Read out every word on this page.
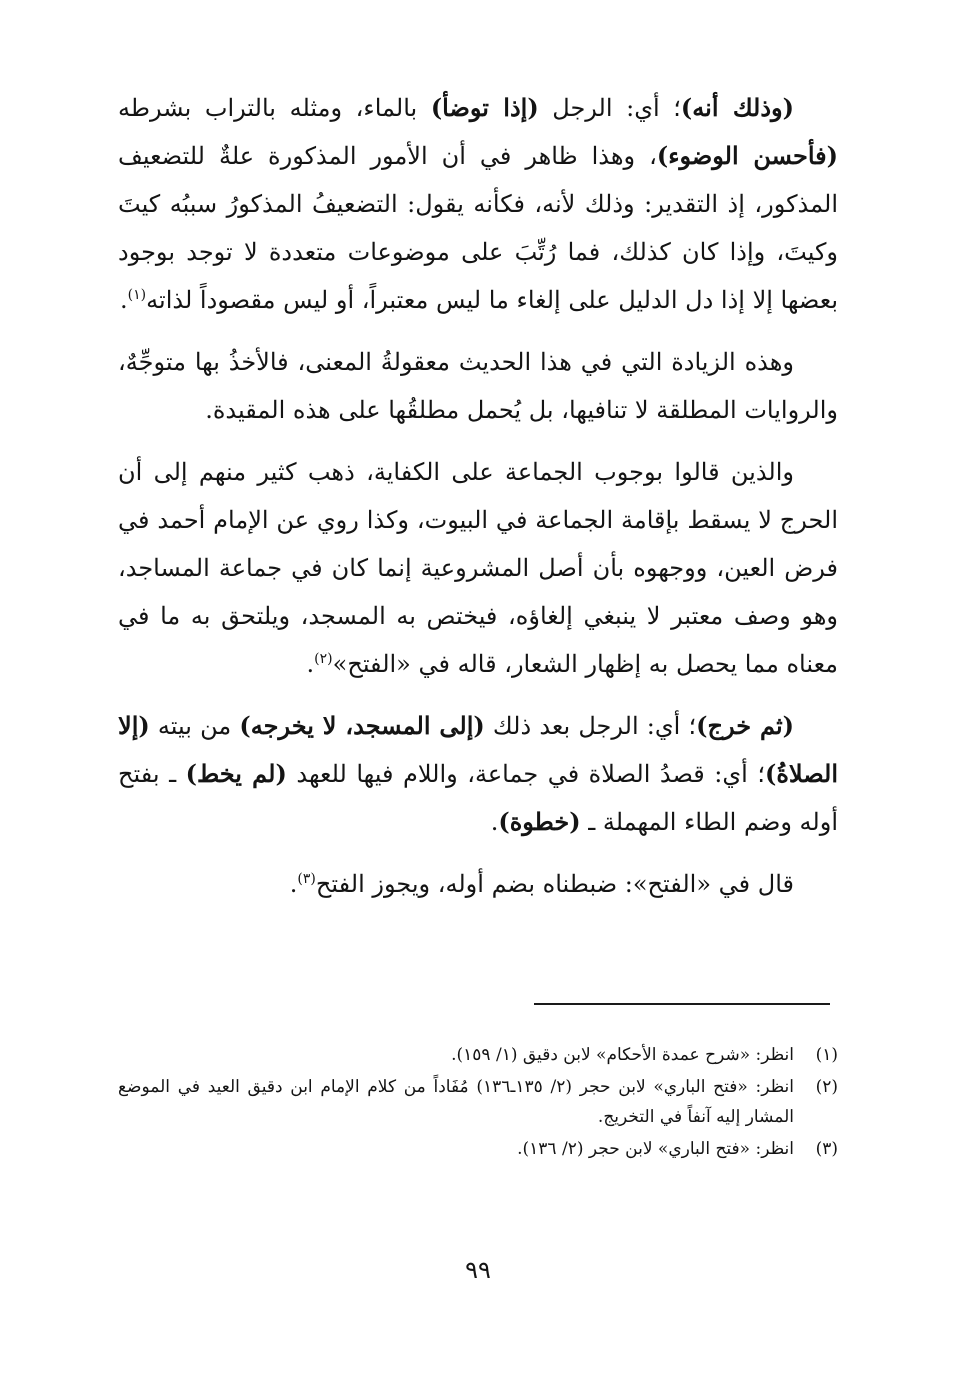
(وذلك أنه)؛ أي: الرجل (إذا توضأ) بالماء، ومثله بالتراب بشرطه (فأحسن الوضوء)، وهذا ظاهر في أن الأمور المذكورة علةٌ للتضعيف المذكور، إذ التقدير: وذلك لأنه، فكأنه يقول: التضعيفُ المذكورُ سببُه كيتَ وكيتَ، وإذا كان كذلك، فما رُتِّبَ على موضوعات متعددة لا توجد بوجود بعضها إلا إذا دل الدليل على إلغاء ما ليس معتبراً، أو ليس مقصوداً لذاته$^{(١)}$.

وهذه الزيادة التي في هذا الحديث معقولةُ المعنى، فالأخذُ بها متوجِّهٌ، والروايات المطلقة لا تنافيها، بل يُحمل مطلقُها على هذه المقيدة.

والذين قالوا بوجوب الجماعة على الكفاية، ذهب كثير منهم إلى أن الحرج لا يسقط بإقامة الجماعة في البيوت، وكذا روي عن الإمام أحمد في فرض العين، ووجهوه بأن أصل المشروعية إنما كان في جماعة المساجد، وهو وصف معتبر لا ينبغي إلغاؤه، فيختص به المسجد، ويلتحق به ما في معناه مما يحصل به إظهار الشعار، قاله في «الفتح»$^{(٢)}$.

(ثم خرج)؛ أي: الرجل بعد ذلك (إلى المسجد، لا يخرجه) من بيته (إلا الصلاةُ)؛ أي: قصدُ الصلاة في جماعة، واللام فيها للعهد (لم يخط) ـ بفتح أوله وضم الطاء المهملة ـ (خطوة).

قال في «الفتح»: ضبطناه بضم أوله، ويجوز الفتح$^{(٣)}$.

(١)
انظر: «شرح عمدة الأحكام» لابن دقيق (١/ ١٥٩).
(٢)
انظر: «فتح الباري» لابن حجر (٢/ ١٣٥ـ١٣٦) مُفَاداً من كلام الإمام ابن دقيق العيد في الموضع المشار إليه آنفاً في التخريج.
(٣)
انظر: «فتح الباري» لابن حجر (٢/ ١٣٦).
٩٩
